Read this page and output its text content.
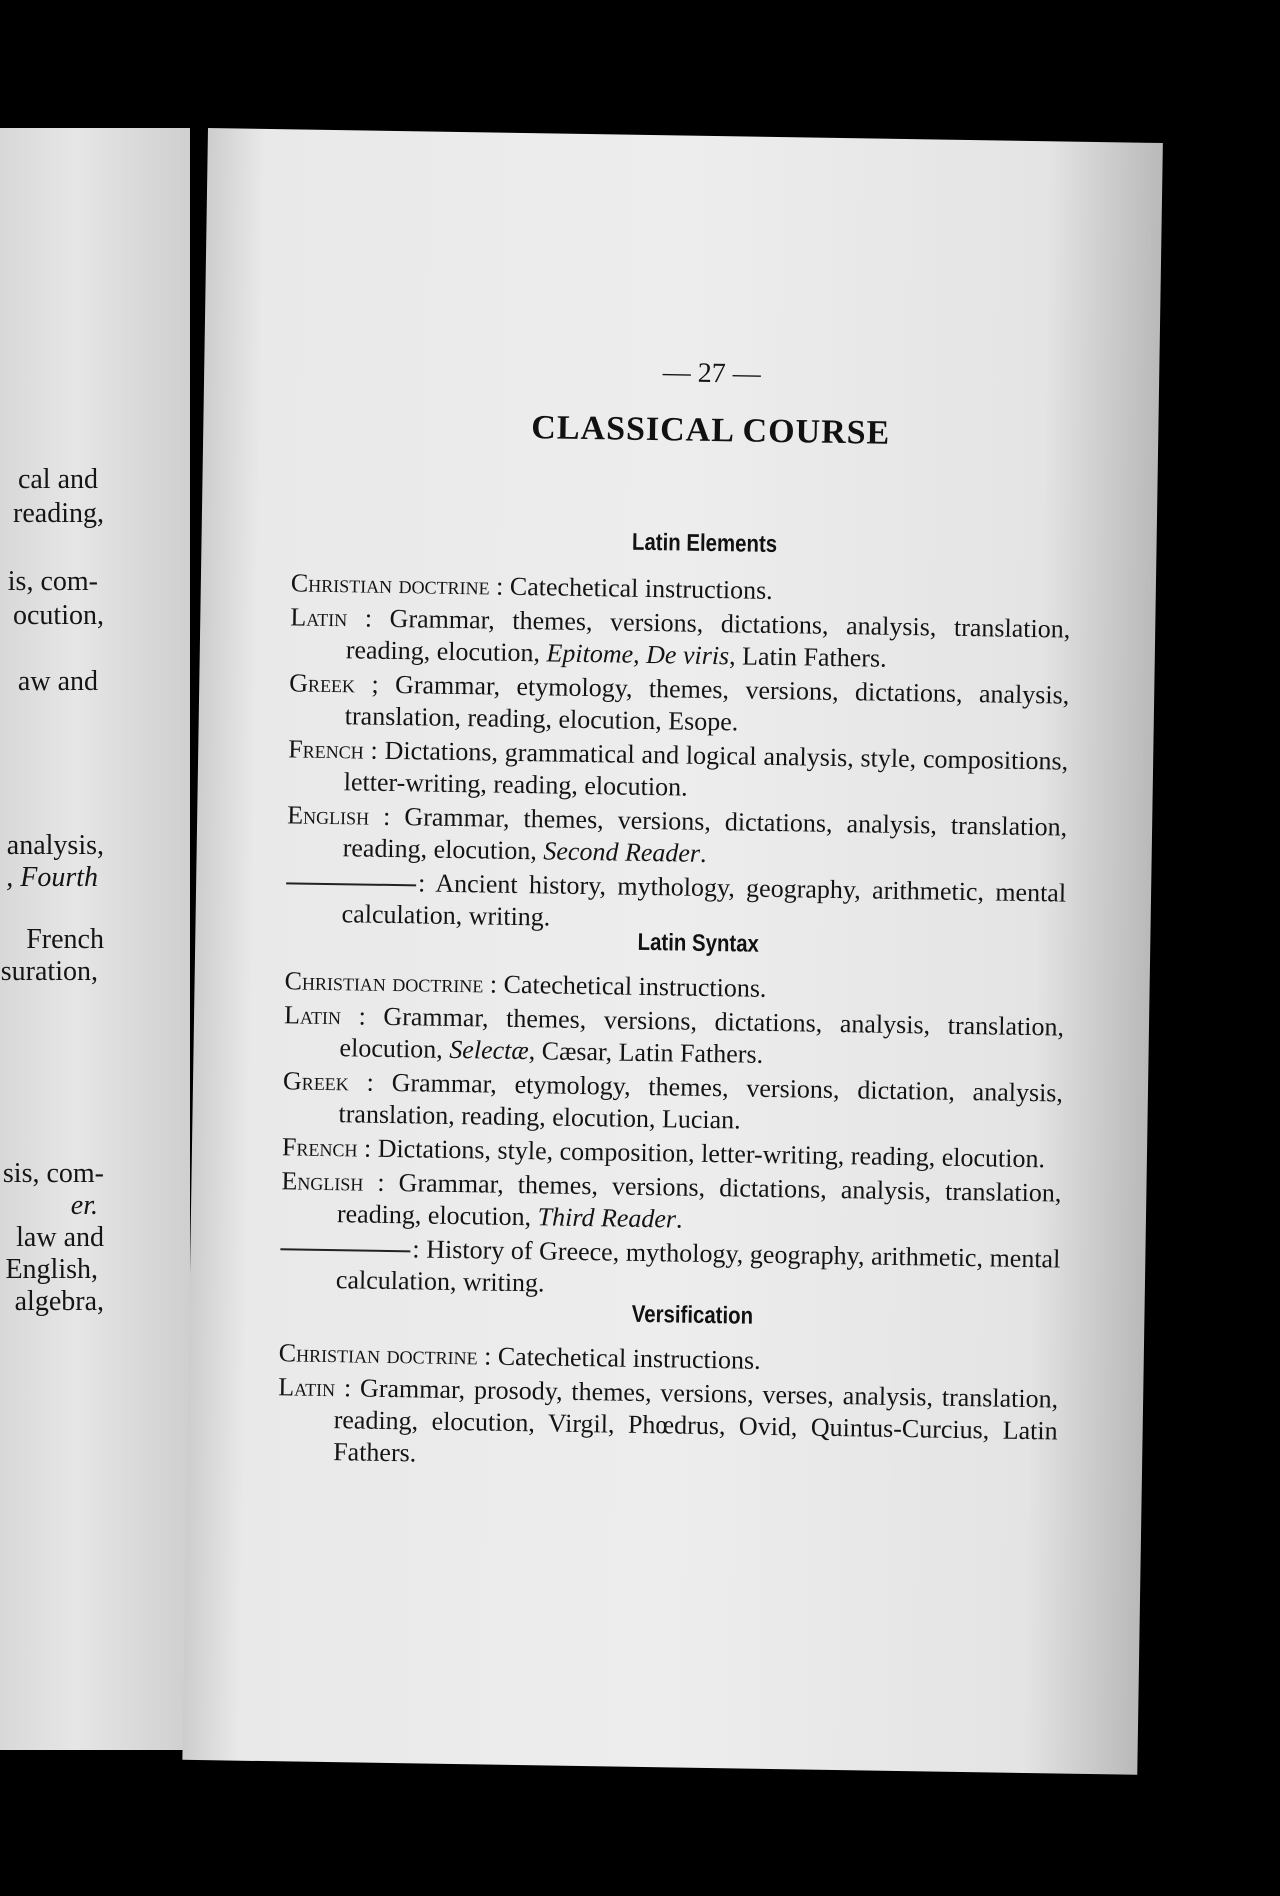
cal and
reading,
is, com-
ocution,
aw and
analysis,
, Fourth
French
suration,
sis, com-
er.
law and
English,
algebra,
— 27 —
CLASSICAL COURSE
Latin Elements

Christian doctrine : Catechetical instructions.

Latin : Grammar, themes, versions, dictations, analysis, translation, reading, elocution, Epitome, De viris, Latin Fathers.

Greek ; Grammar, etymology, themes, versions, dictations, analysis, translation, reading, elocution, Esope.

French : Dictations, grammatical and logical analysis, style, compositions, letter-writing, reading, elocution.

English : Grammar, themes, versions, dictations, analysis, translation, reading, elocution, Second Reader.

: Ancient history, mythology, geography, arithmetic, mental calculation, writing.

Latin Syntax

Christian doctrine : Catechetical instructions.

Latin : Grammar, themes, versions, dictations, analysis, translation, elocution, Selectæ, Cæsar, Latin Fathers.

Greek : Grammar, etymology, themes, versions, dictation, analysis, translation, reading, elocution, Lucian.

French : Dictations, style, composition, letter-writing, reading, elocution.

English : Grammar, themes, versions, dictations, analysis, translation, reading, elocution, Third Reader.

: History of Greece, mythology, geography, arithmetic, mental calculation, writing.

Versification

Christian doctrine : Catechetical instructions.

Latin : Grammar, prosody, themes, versions, verses, analysis, translation, reading, elocution, Virgil, Phœdrus, Ovid, Quintus-Curcius, Latin Fathers.
